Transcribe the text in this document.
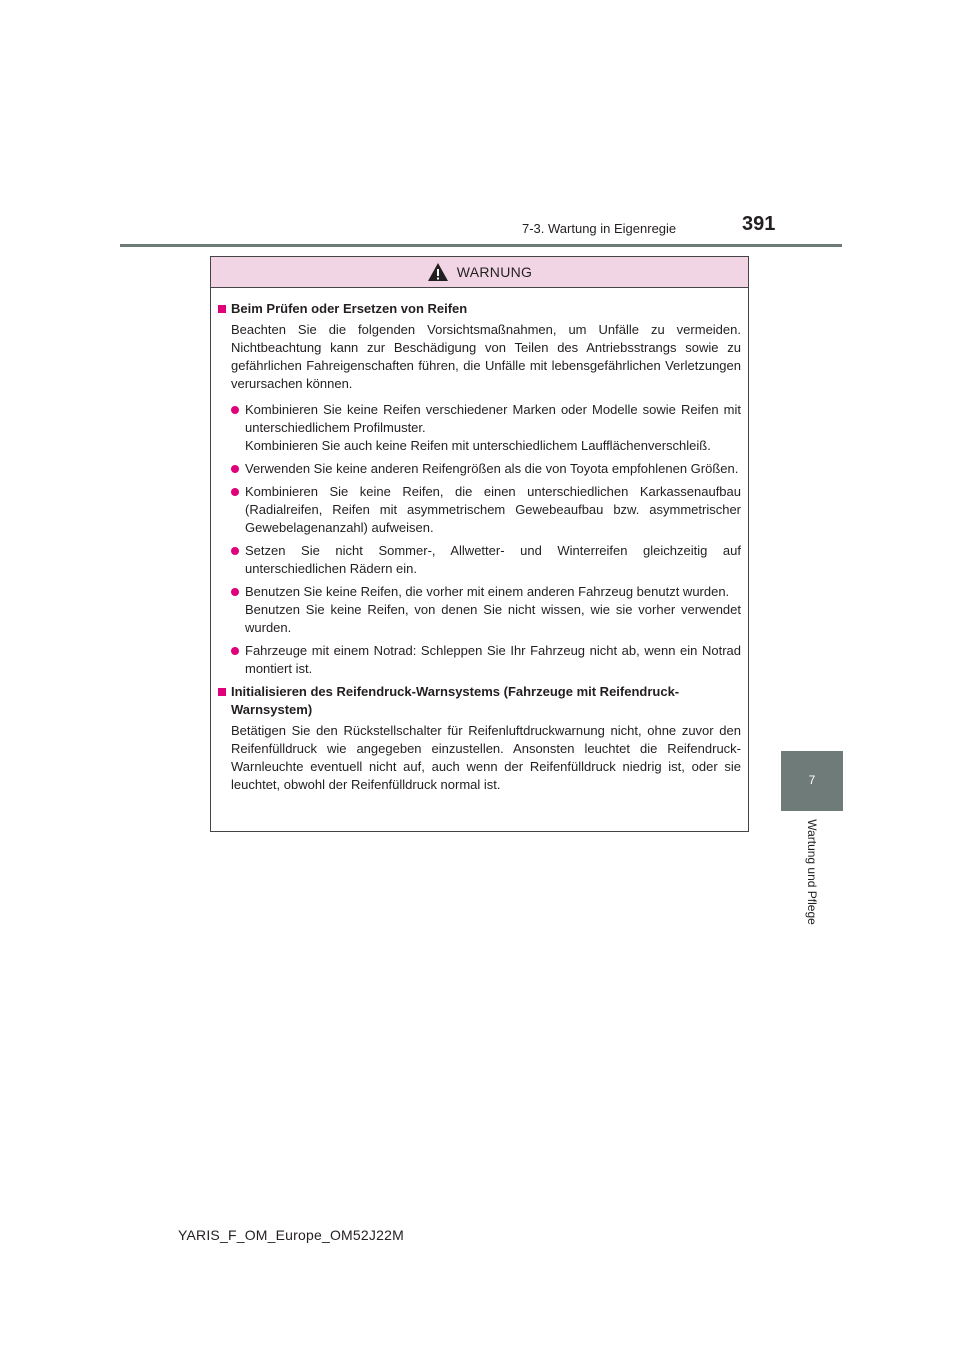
7-3. Wartung in Eigenregie	391
7
Wartung und Pflege
WARNUNG
Beim Prüfen oder Ersetzen von Reifen
Beachten Sie die folgenden Vorsichtsmaßnahmen, um Unfälle zu vermeiden. Nichtbeachtung kann zur Beschädigung von Teilen des Antriebsstrangs sowie zu gefährlichen Fahreigenschaften führen, die Unfälle mit lebensgefährlichen Verletzungen verursachen können.
Kombinieren Sie keine Reifen verschiedener Marken oder Modelle sowie Reifen mit unterschiedlichem Profilmuster.
Kombinieren Sie auch keine Reifen mit unterschiedlichem Laufflächenverschleiß.
Verwenden Sie keine anderen Reifengrößen als die von Toyota empfohlenen Größen.
Kombinieren Sie keine Reifen, die einen unterschiedlichen Karkassenaufbau (Radialreifen, Reifen mit asymmetrischem Gewebeaufbau bzw. asymmetrischer Gewebelagenanzahl) aufweisen.
Setzen Sie nicht Sommer-, Allwetter- und Winterreifen gleichzeitig auf unterschiedlichen Rädern ein.
Benutzen Sie keine Reifen, die vorher mit einem anderen Fahrzeug benutzt wurden.
Benutzen Sie keine Reifen, von denen Sie nicht wissen, wie sie vorher verwendet wurden.
Fahrzeuge mit einem Notrad: Schleppen Sie Ihr Fahrzeug nicht ab, wenn ein Notrad montiert ist.
Initialisieren des Reifendruck-Warnsystems (Fahrzeuge mit Reifendruck-Warnsystem)
Betätigen Sie den Rückstellschalter für Reifenluftdruckwarnung nicht, ohne zuvor den Reifenfülldruck wie angegeben einzustellen. Ansonsten leuchtet die Reifendruck-Warnleuchte eventuell nicht auf, auch wenn der Reifenfülldruck niedrig ist, oder sie leuchtet, obwohl der Reifenfülldruck normal ist.
YARIS_F_OM_Europe_OM52J22M
